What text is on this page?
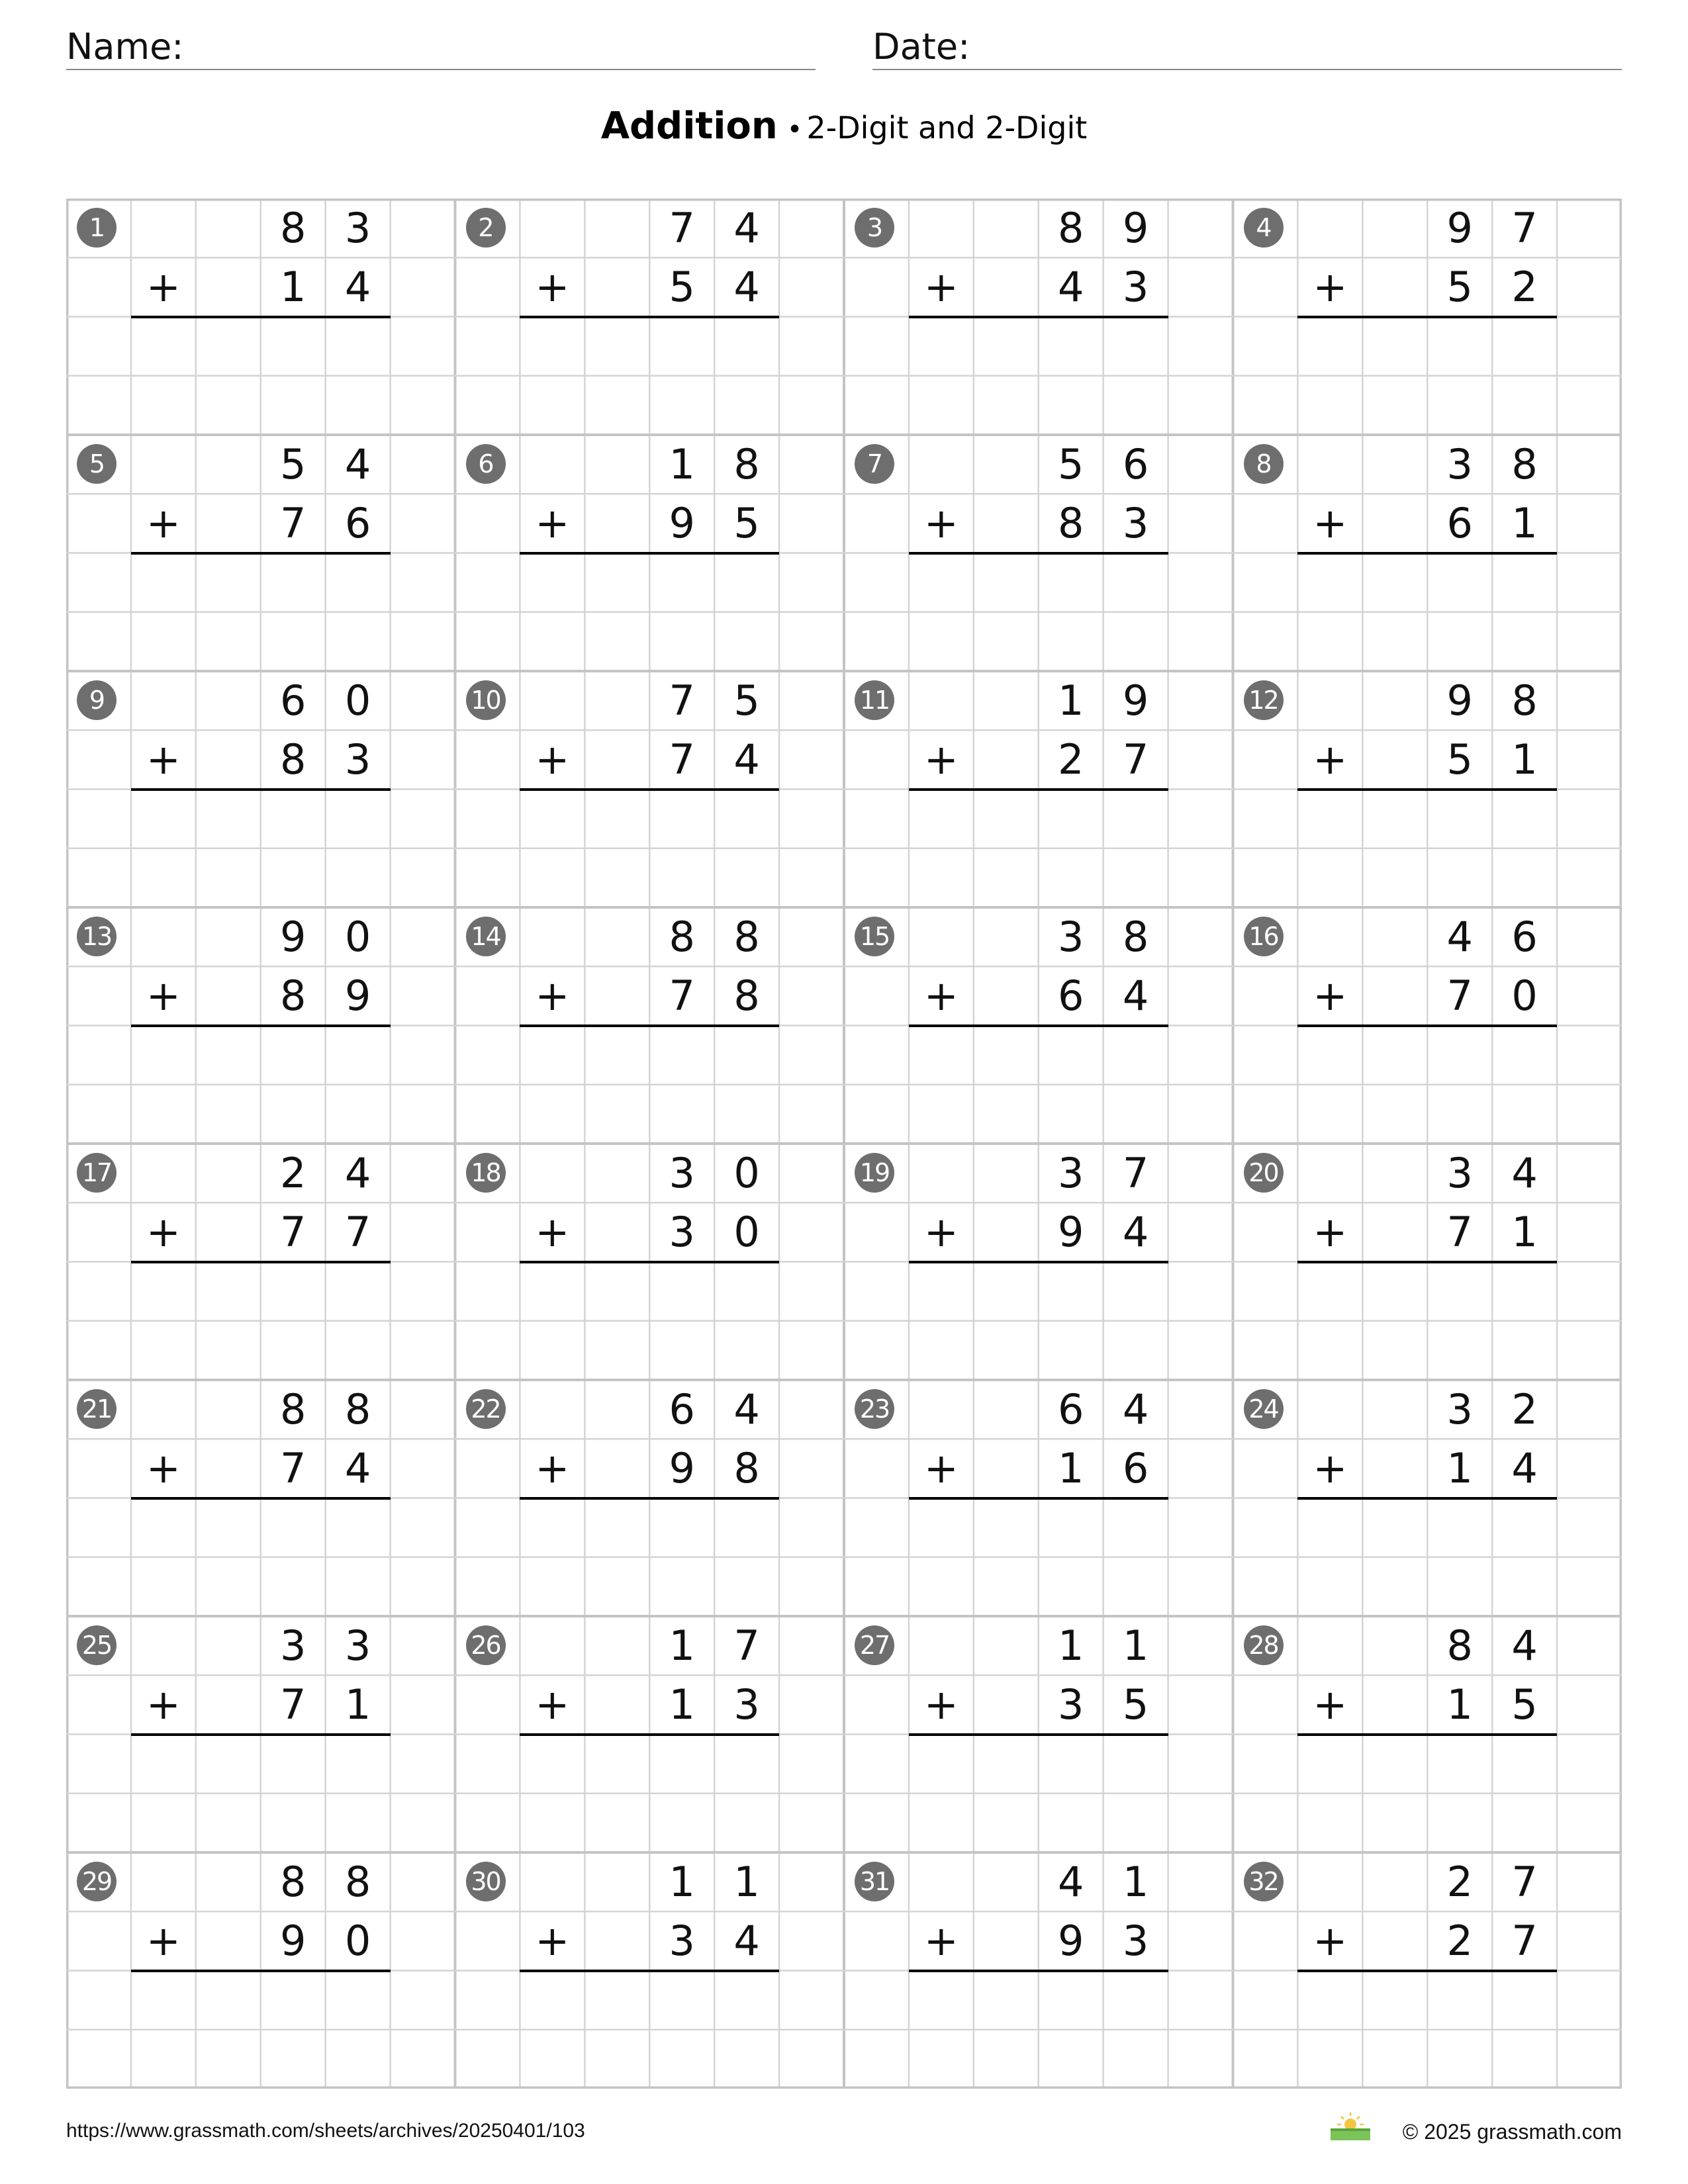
Name:	Date:
Addition • 2-Digit and 2-Digit
1	8 3
+	1 4
2	7 4
+	5 4
3	8 9
+	4 3
4	9 7
+	5 2
5	5 4
+	7 6
6	1 8
+	9 5
7	5 6
+	8 3
8	3 8
+	6 1
9	6 0
+	8 3
10	7 5
+	7 4
11	1 9
+	2 7
12	9 8
+	5 1
13	9 0
+	8 9
14	8 8
+	7 8
15	3 8
+	6 4
16	4 6
+	7 0
17	2 4
+	7 7
18	3 0
+	3 0
19	3 7
+	9 4
20	3 4
+	7 1
21	8 8
+	7 4
22	6 4
+	9 8
23	6 4
+	1 6
24	3 2
+	1 4
25	3 3
+	7 1
26	1 7
+	1 3
27	1 1
+	3 5
28	8 4
+	1 5
29	8 8
+	9 0
30	1 1
+	3 4
31	4 1
+	9 3
32	2 7
+	2 7
https://www.grassmath.com/sheets/archives/20250401/103	© 2025 grassmath.com
